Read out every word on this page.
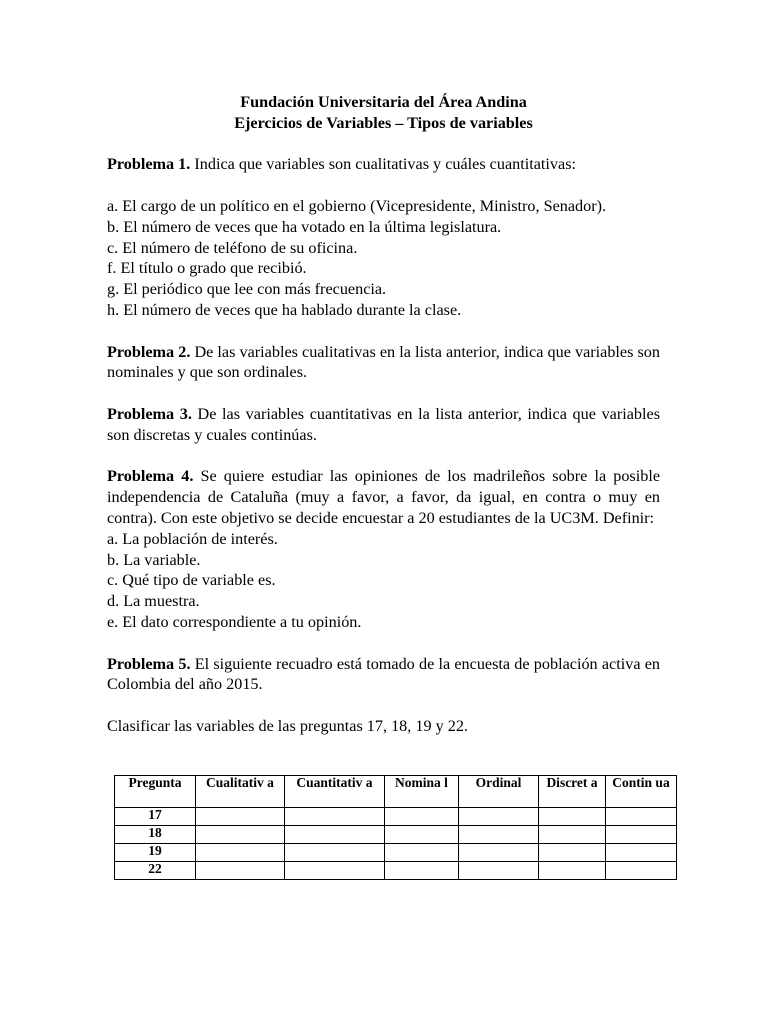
Fundación Universitaria del Área Andina

Ejercicios de Variables – Tipos de variables

Problema 1. Indica que variables son cualitativas y cuáles cuantitativas:

a. El cargo de un político en el gobierno (Vicepresidente, Ministro, Senador).

b. El número de veces que ha votado en la última legislatura.

c. El número de teléfono de su oficina.

f. El título o grado que recibió.

g. El periódico que lee con más frecuencia.

h. El número de veces que ha hablado durante la clase.

Problema 2. De las variables cualitativas en la lista anterior, indica que variables son nominales y que son ordinales.

Problema 3. De las variables cuantitativas en la lista anterior, indica que variables son discretas y cuales continúas.

Problema 4. Se quiere estudiar las opiniones de los madrileños sobre la posible independencia de Cataluña (muy a favor, a favor, da igual, en contra o muy en contra). Con este objetivo se decide encuestar a 20 estudiantes de la UC3M. Definir:

a. La población de interés.

b. La variable.

c. Qué tipo de variable es.

d. La muestra.

e. El dato correspondiente a tu opinión.

Problema 5. El siguiente recuadro está tomado de la encuesta de población activa en Colombia del año 2015.

Clasificar las variables de las preguntas 17, 18, 19 y 22.

Pregunta	Cualitativ a	Cuantitativ a	Nomina l	Ordinal	Discret a	Contin ua
17						
18						
19						
22						
